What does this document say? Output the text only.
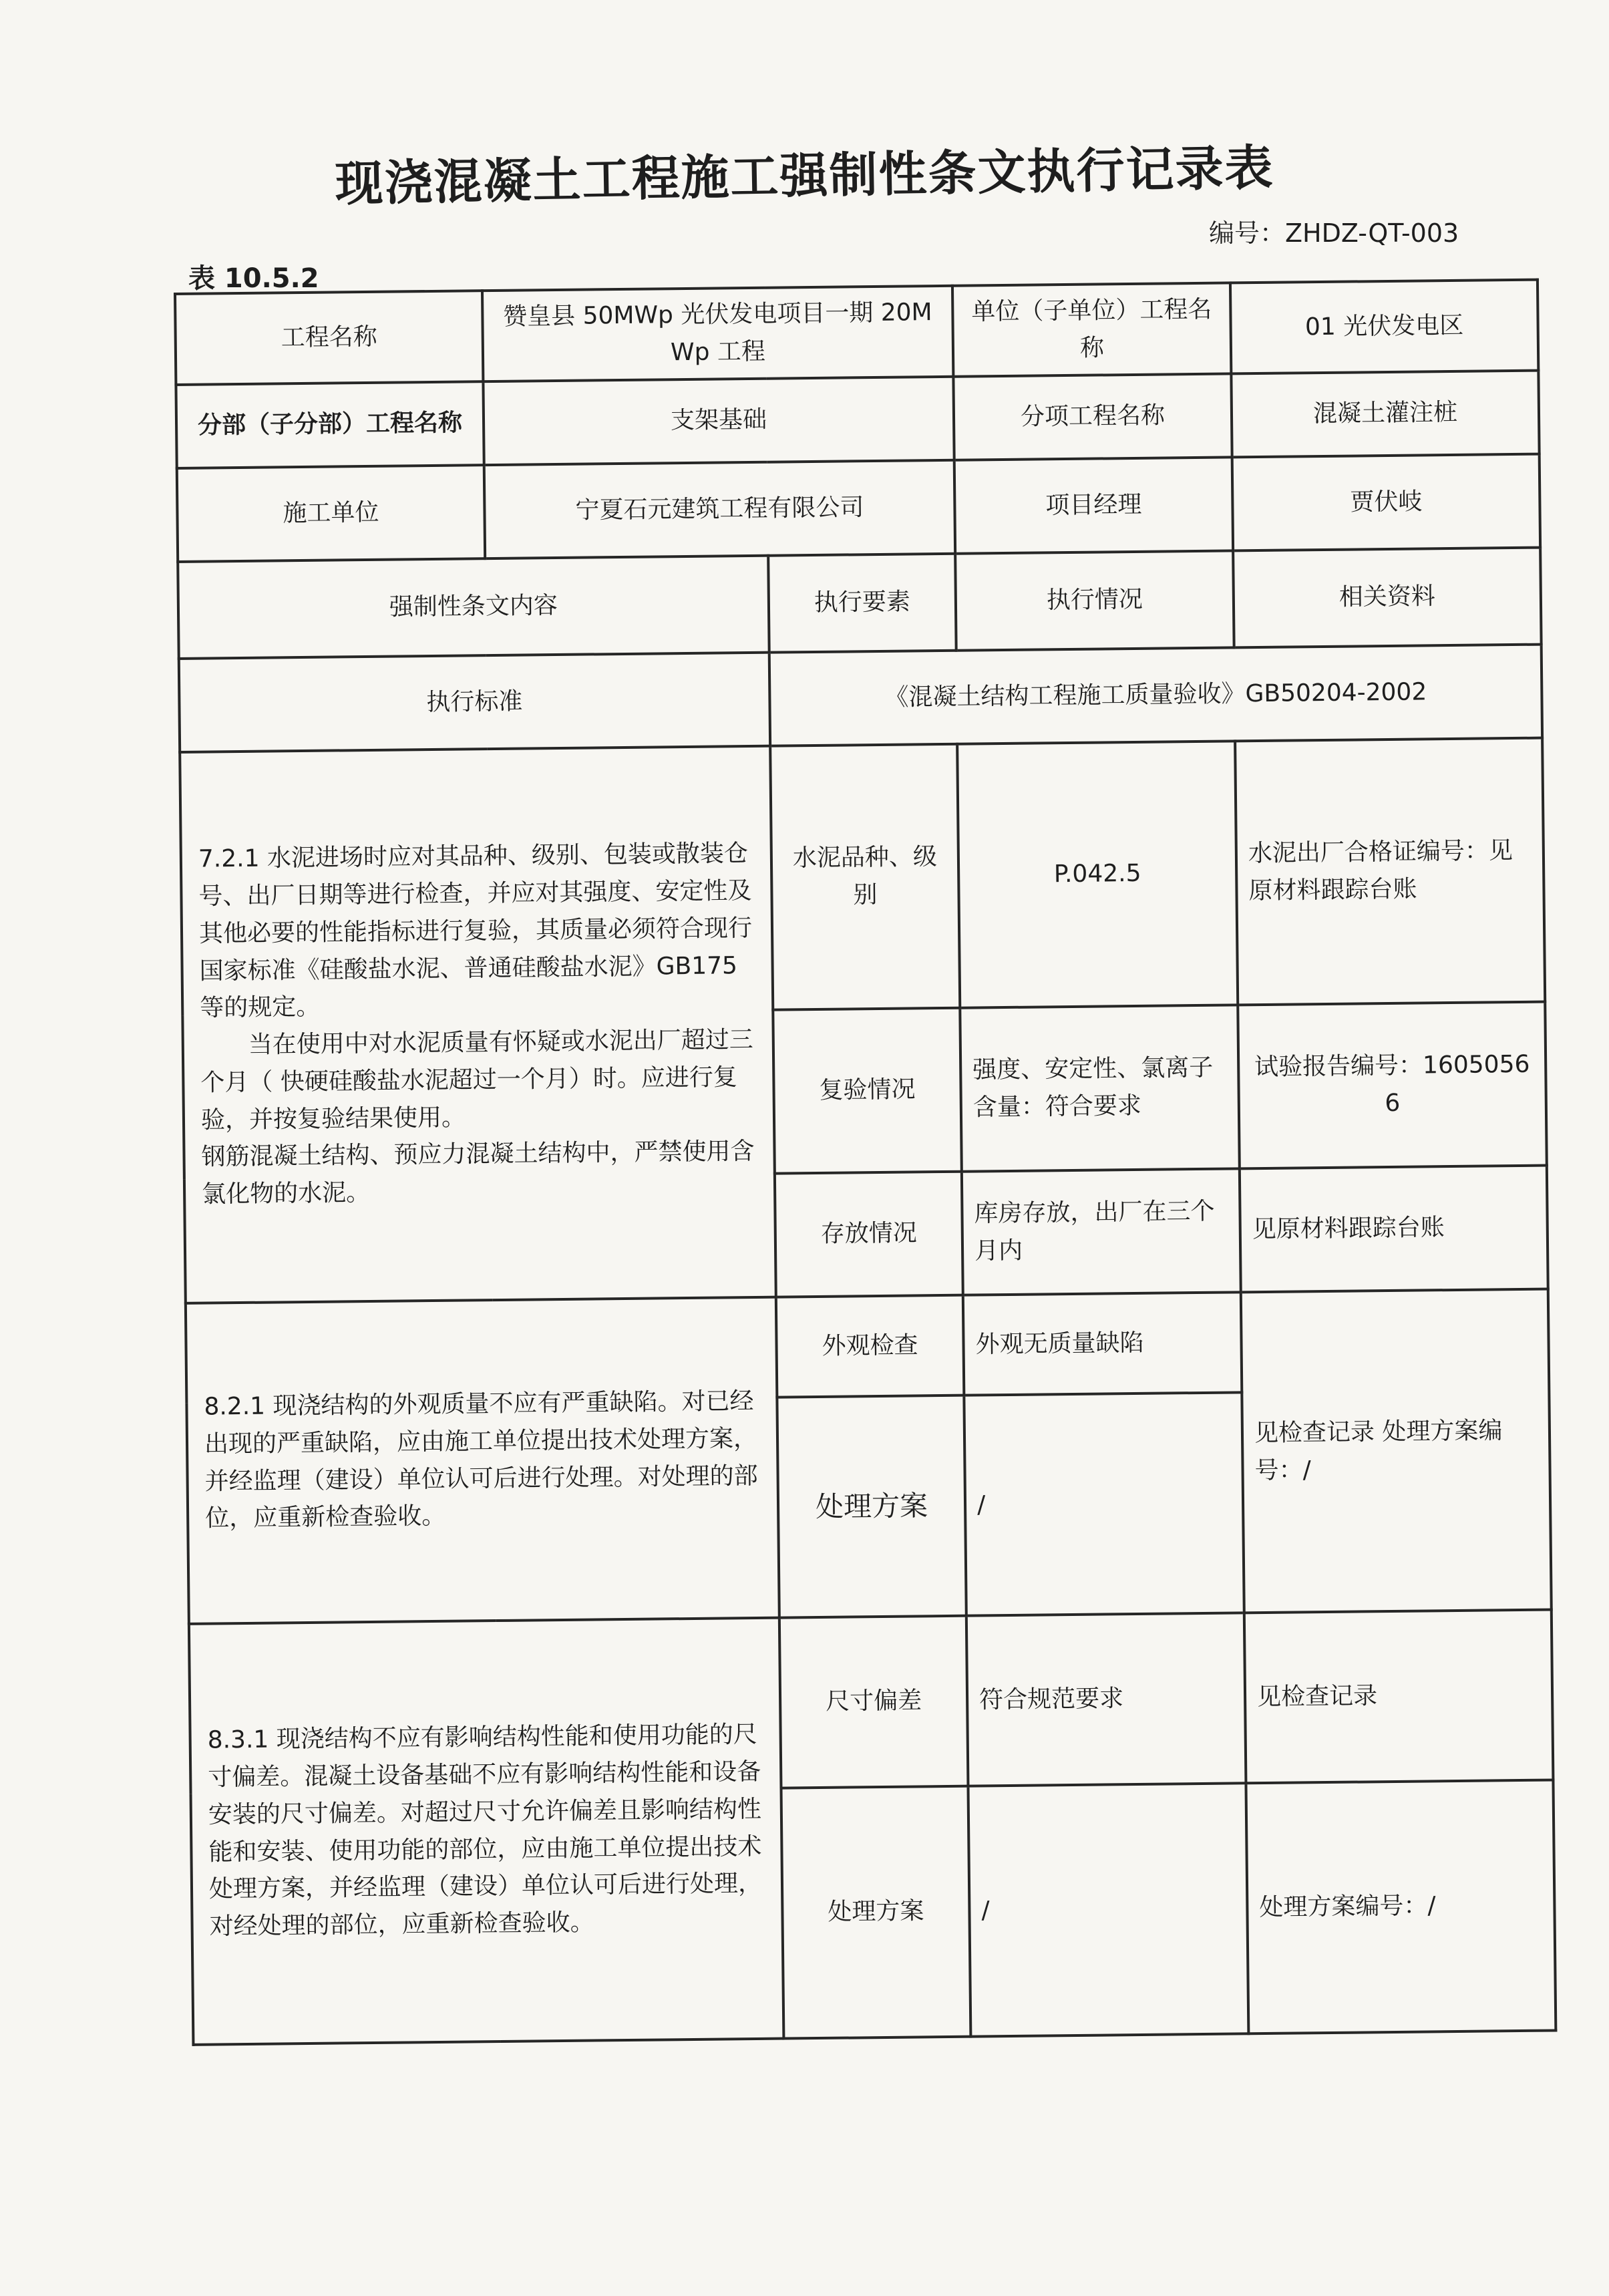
现浇混凝土工程施工强制性条文执行记录表
编号：ZHDZ-QT-003
表 10.5.2
工程名称	赞皇县 50MWp 光伏发电项目一期 20MWp 工程		单位（子单位）工程名称	01 光伏发电区
分部（子分部）工程名称	支架基础		分项工程名称	混凝土灌注桩
施工单位	宁夏石元建筑工程有限公司		项目经理	贾伏岐
强制性条文内容		执行要素	执行情况	相关资料
执行标准		《混凝土结构工程施工质量验收》GB50204-2002		

7.2.1 水泥进场时应对其品种、级别、包装或散装仓号、出厂日期等进行检查，并应对其强度、安定性及其他必要的性能指标进行复验，其质量必须符合现行国家标准《硅酸盐水泥、普通硅酸盐水泥》GB175等的规定。

当在使用中对水泥质量有怀疑或水泥出厂超过三个月（ 快硬硅酸盐水泥超过一个月）时。应进行复验，并按复验结果使用。

钢筋混凝土结构、预应力混凝土结构中，严禁使用含氯化物的水泥。		水泥品种、级别	P.042.5	水泥出厂合格证编号：见原材料跟踪台账
		复验情况	强度、安定性、氯离子含量：符合要求	试验报告编号：16050566
		存放情况	库房存放，出厂在三个月内	见原材料跟踪台账

8.2.1 现浇结构的外观质量不应有严重缺陷。对已经出现的严重缺陷，应由施工单位提出技术处理方案，并经监理（建设）单位认可后进行处理。对处理的部位，应重新检查验收。		外观检查	外观无质量缺陷	见检查记录 处理方案编号：/
		处理方案	/	

8.3.1 现浇结构不应有影响结构性能和使用功能的尺寸偏差。混凝土设备基础不应有影响结构性能和设备安装的尺寸偏差。对超过尺寸允许偏差且影响结构性能和安装、使用功能的部位，应由施工单位提出技术处理方案，并经监理（建设）单位认可后进行处理，对经处理的部位，应重新检查验收。		尺寸偏差	符合规范要求	见检查记录
		处理方案	/	处理方案编号：/
